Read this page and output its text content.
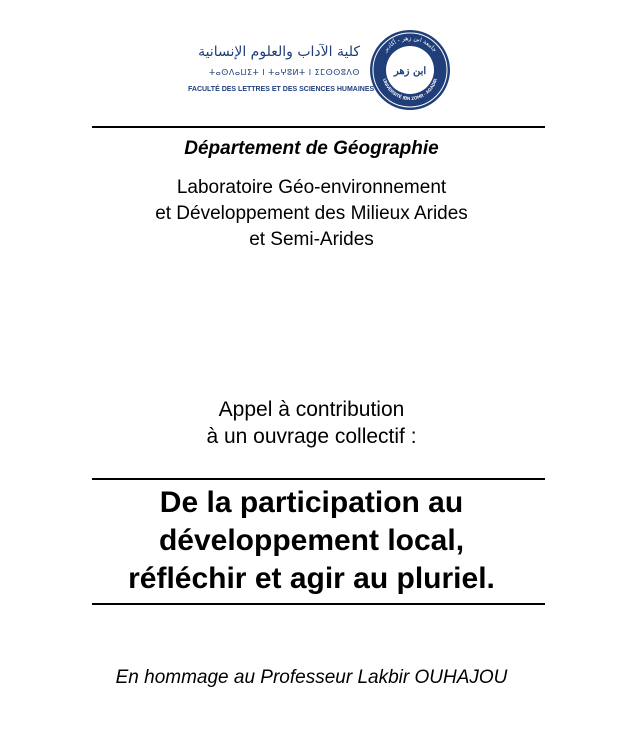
كلية الآداب والعلوم الإنسانية
ⵜⴰⵙⴷⴰⵡⵉⵜ ⵏ ⵜⴰⵖⵓⵍⵜ ⵏ ⵉⵎⵙⵙⵓⴷⵙ
FACULTÉ DES LETTRES ET DES SCIENCES HUMAINES
جامعة ابن زهر - أكادير
UNIVERSITÉ IBN ZOHR - AGADIR
ابن زهر
Département de Géographie
Laboratoire Géo-environnement
et Développement des Milieux Arides
et Semi-Arides
Appel à contribution
à un ouvrage collectif :
De la participation au
développement local,
réfléchir et agir au pluriel.
En hommage au Professeur Lakbir OUHAJOU
